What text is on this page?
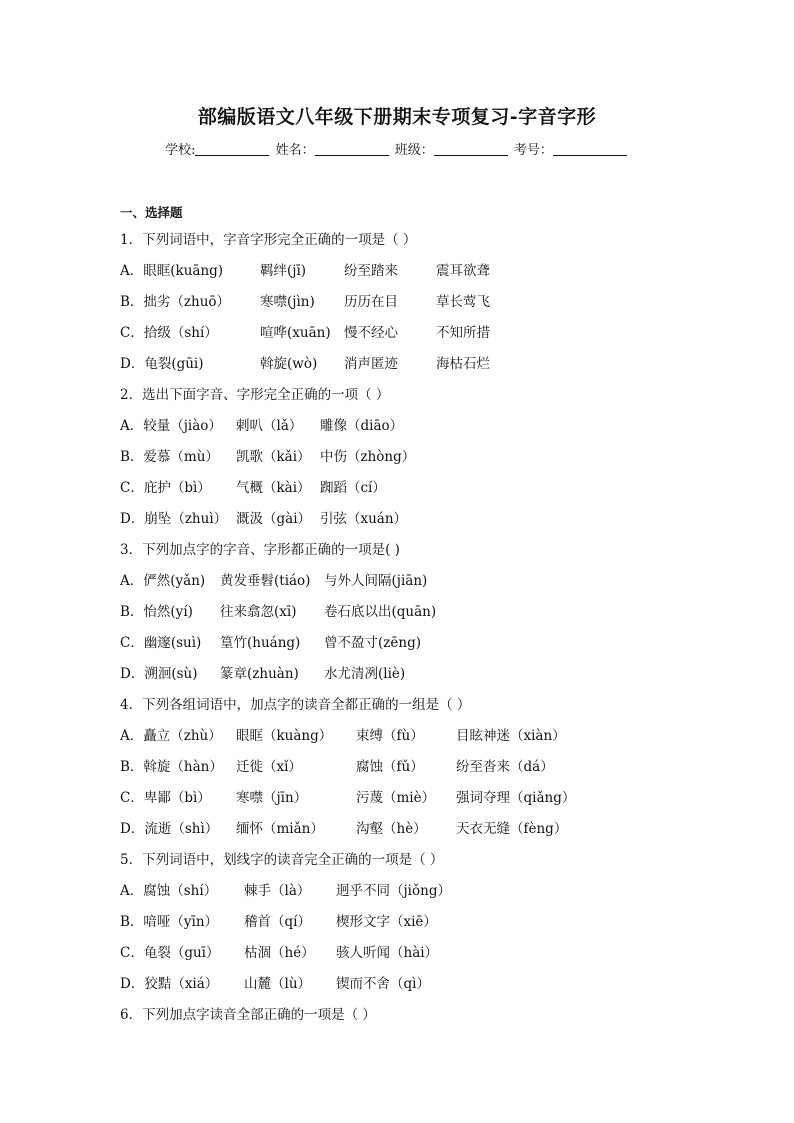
部编版语文八年级下册期末专项复习-字音字形
学校:	姓名：	班级：	考号：
一、选择题
1．下列词语中，字音字形完全正确的一项是（ ）
A．眼眶(kuāng)	羁绊(jī)	纷至踏来	震耳欲聋
B．拙劣（zhuō） 寒噤(jìn) 历历在目	草长莺飞
C．拾级（shí）	喧哗(xuān) 慢不经心	不知所措
D．龟裂(gūi)	斡旋(wò) 消声匿迹	海枯石烂
2．选出下面字音、字形完全正确的一项（ ）
A．较量（jiào） 剌叭（lǎ） 雕像（diāo）
B．爱慕（mù） 凯歌（kǎi） 中伤（zhòng）
C．庇护（bì） 气概（kài） 踟蹈（cí）
D．崩坠（zhuì） 溉汲（gài） 引弦（xuán）
3．下列加点字的字音、字形都正确的一项是( )
A．俨然(yǎn) 黄发垂髫(tiáo) 与外人间隔(jiān)
B．怡然(yí) 往来翕忽(xī) 卷石底以出(quān)
C．幽邃(suì) 篁竹(huáng) 曾不盈寸(zēng)
D．溯洄(sù) 篆章(zhuàn) 水尤清冽(liè)
4．下列各组词语中，加点字的读音全都正确的一组是（ ）
A．矗立（zhù） 眼眶（kuàng） 束缚（fù） 目眩神迷（xiàn）
B．斡旋（hàn） 迁徙（xǐ）	腐蚀（fǔ） 纷至沓来（dá）
C．卑鄙（bì） 寒噤（jīn）	污蔑（miè） 强词夺理（qiǎng）
D．流逝（shì） 缅怀（miǎn） 沟壑（hè） 天衣无缝（fèng）
5．下列词语中，划线字的读音完全正确的一项是（ ）
A．腐蚀（shí） 棘手（là） 迥乎不同（jiǒng）
B．喑哑（yīn） 稽首（qí） 楔形文字（xiē）
C．龟裂（guī） 枯涸（hé） 骇人听闻（hài）
D．狡黠（xiá） 山麓（lù） 锲而不舍（qì）
6．下列加点字读音全部正确的一项是（ ）
